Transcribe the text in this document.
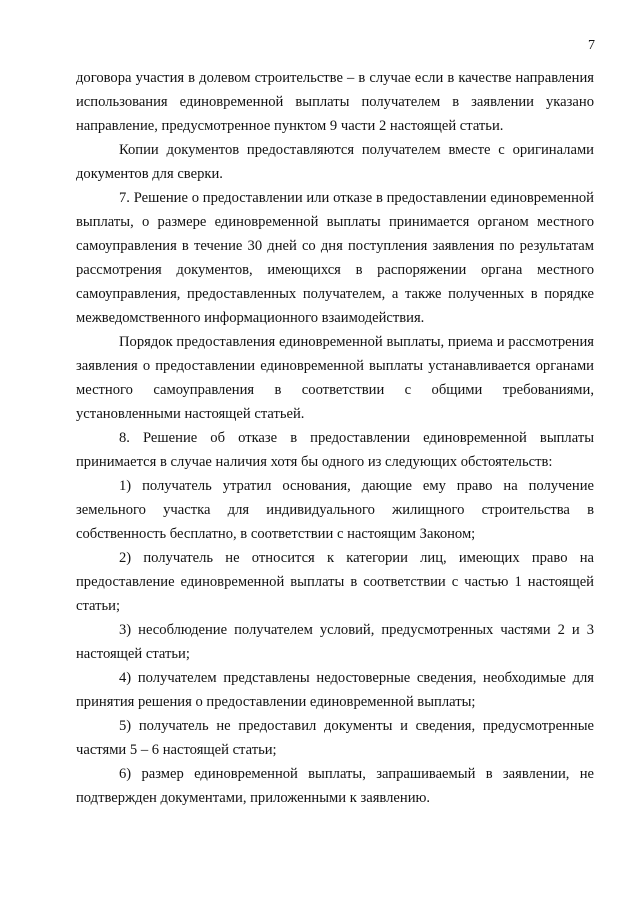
7

договора участия в долевом строительстве – в случае если в качестве направления использования единовременной выплаты получателем в заявлении указано направление, предусмотренное пунктом 9 части 2 настоящей статьи.

Копии документов предоставляются получателем вместе с оригиналами документов для сверки.

7. Решение о предоставлении или отказе в предоставлении единовременной выплаты, о размере единовременной выплаты принимается органом местного самоуправления в течение 30 дней со дня поступления заявления по результатам рассмотрения документов, имеющихся в распоряжении органа местного самоуправления, предоставленных получателем, а также полученных в порядке межведомственного информационного взаимодействия.

Порядок предоставления единовременной выплаты, приема и рассмотрения заявления о предоставлении единовременной выплаты устанавливается органами местного самоуправления в соответствии с общими требованиями, установленными настоящей статьей.

8. Решение об отказе в предоставлении единовременной выплаты принимается в случае наличия хотя бы одного из следующих обстоятельств:

1) получатель утратил основания, дающие ему право на получение земельного участка для индивидуального жилищного строительства в собственность бесплатно, в соответствии с настоящим Законом;

2) получатель не относится к категории лиц, имеющих право на предоставление единовременной выплаты в соответствии с частью 1 настоящей статьи;

3) несоблюдение получателем условий, предусмотренных частями 2 и 3 настоящей статьи;

4) получателем представлены недостоверные сведения, необходимые для принятия решения о предоставлении единовременной выплаты;

5) получатель не предоставил документы и сведения, предусмотренные частями 5 – 6 настоящей статьи;

6) размер единовременной выплаты, запрашиваемый в заявлении, не подтвержден документами, приложенными к заявлению.
